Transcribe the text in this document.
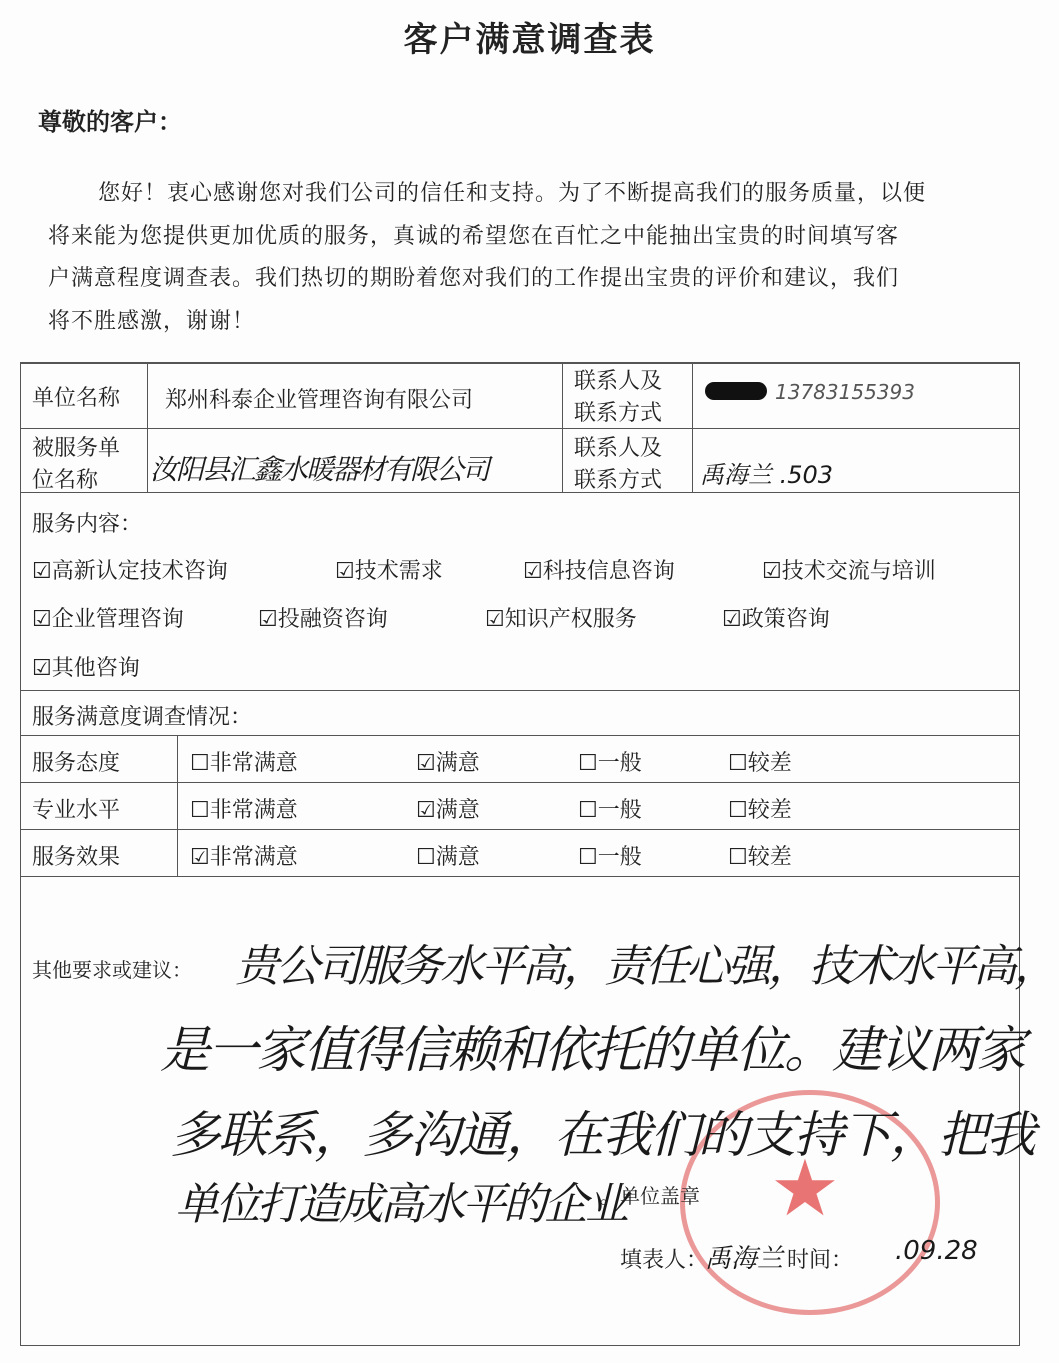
客户满意调查表
尊敬的客户：
您好！衷心感谢您对我们公司的信任和支持。为了不断提高我们的服务质量，以便
将来能为您提供更加优质的服务，真诚的希望您在百忙之中能抽出宝贵的时间填写客
户满意程度调查表。我们热切的期盼着您对我们的工作提出宝贵的评价和建议，我们
将不胜感激，谢谢！
单位名称 郑州科泰企业管理咨询有限公司
联系人及
联系方式
13783155393
被服务单
位名称 汝阳县汇鑫水暖器材有限公司
联系人及
联系方式 禹海兰 .503
服务内容：
☑高新认定技术咨询	☑技术需求	☑科技信息咨询	☑技术交流与培训
☑企业管理咨询	☑投融资咨询	☑知识产权服务	☑政策咨询
☑其他咨询
服务满意度调查情况：
服务态度	☐非常满意	☑满意	☐一般	☐较差
专业水平	☐非常满意	☑满意	☐一般	☐较差
服务效果	☑非常满意	☐满意	☐一般	☐较差
★
其他要求或建议： 贵公司服务水平高，责任心强，技术水平高，
是一家值得信赖和依托的单位。建议两家
多联系，多沟通，在我们的支持下，把我
单位打造成高水平的企业
。单位盖章
填表人：
禹海兰 时间： .09.28
